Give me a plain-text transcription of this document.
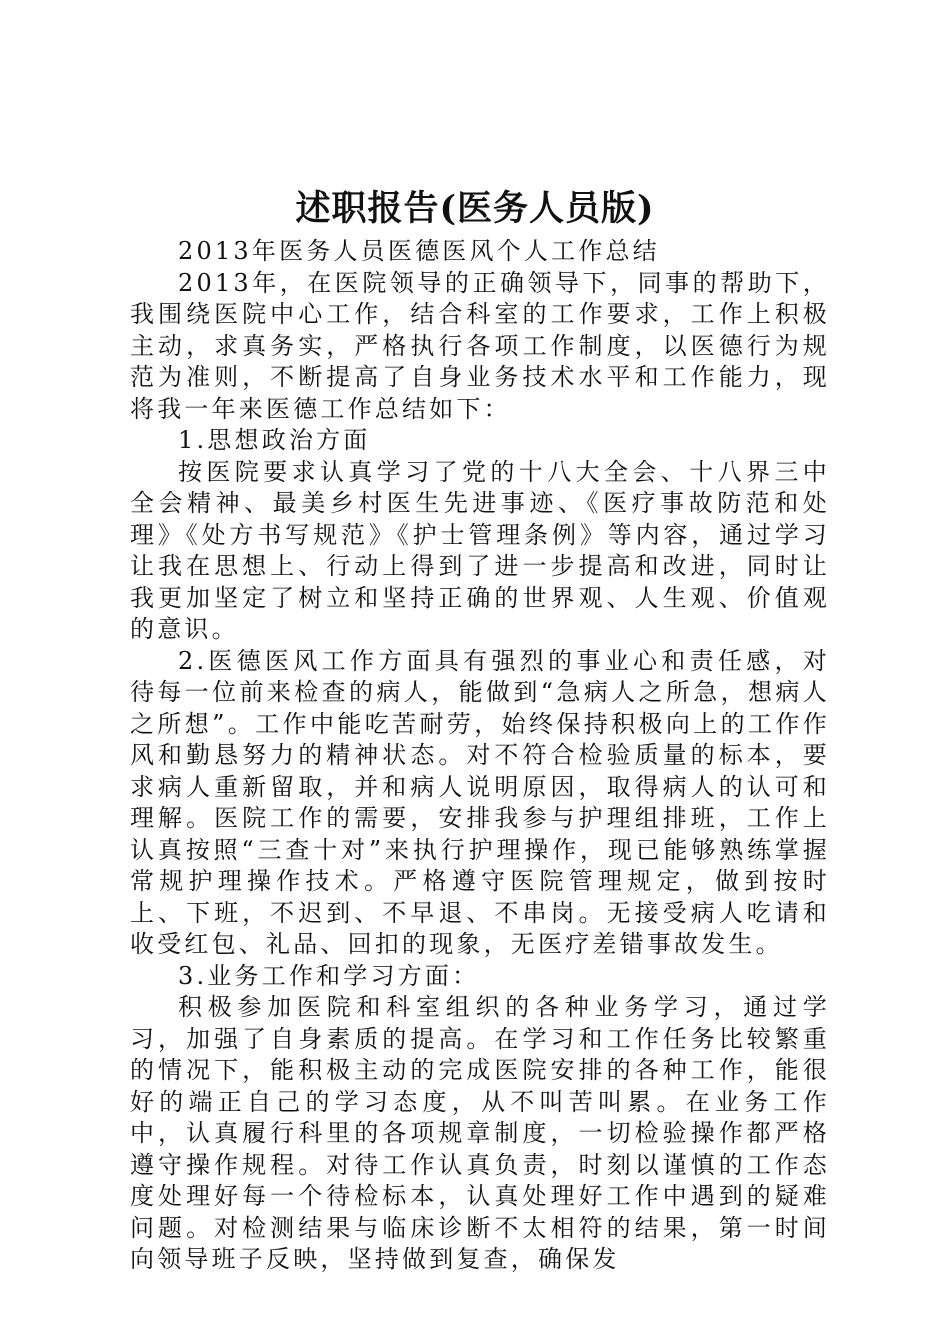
述职报告(医务人员版)

2013年医务人员医德医风个人工作总结

2013年，在医院领导的正确领导下，同事的帮助下，我围绕医院中心工作，结合科室的工作要求，工作上积极主动，求真务实，严格执行各项工作制度，以医德行为规范为准则，不断提高了自身业务技术水平和工作能力，现将我一年来医德工作总结如下：

1.思想政治方面

按医院要求认真学习了党的十八大全会、十八界三中全会精神、最美乡村医生先进事迹、《医疗事故防范和处理》《处方书写规范》《护士管理条例》等内容，通过学习让我在思想上、行动上得到了进一步提高和改进，同时让我更加坚定了树立和坚持正确的世界观、人生观、价值观的意识。

2.医德医风工作方面具有强烈的事业心和责任感，对待每一位前来检查的病人，能做到“急病人之所急，想病人之所想”。工作中能吃苦耐劳，始终保持积极向上的工作作风和勤恳努力的精神状态。对不符合检验质量的标本，要求病人重新留取，并和病人说明原因，取得病人的认可和理解。医院工作的需要，安排我参与护理组排班，工作上认真按照“三查十对”来执行护理操作，现已能够熟练掌握常规护理操作技术。严格遵守医院管理规定，做到按时上、下班，不迟到、不早退、不串岗。无接受病人吃请和收受红包、礼品、回扣的现象，无医疗差错事故发生。

3.业务工作和学习方面：

积极参加医院和科室组织的各种业务学习，通过学习，加强了自身素质的提高。在学习和工作任务比较繁重的情况下，能积极主动的完成医院安排的各种工作，能很好的端正自己的学习态度，从不叫苦叫累。在业务工作中，认真履行科里的各项规章制度，一切检验操作都严格遵守操作规程。对待工作认真负责，时刻以谨慎的工作态度处理好每一个待检标本，认真处理好工作中遇到的疑难问题。对检测结果与临床诊断不太相符的结果，第一时间向领导班子反映，坚持做到复查，确保发
